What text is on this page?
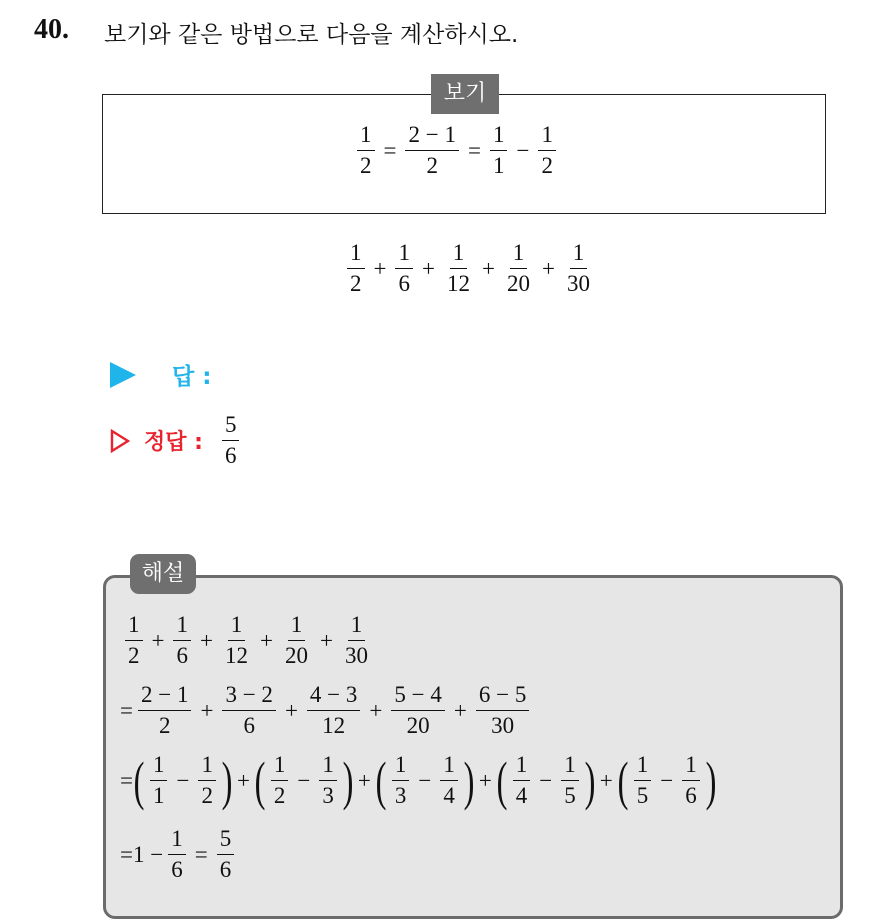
40. 보기와 같은 방법으로 다음을 계산하시오.
보기
$\frac{1}{2} = \frac{2 - 1}{2} = \frac{1}{1} - \frac{1}{2}$
$\frac{1}{2} + \frac{1}{6} + \frac{1}{12} + \frac{1}{20} + \frac{1}{30}$
답 :
정답 : $\frac{5}{6}$
해설
$\frac{1}{2} + \frac{1}{6} + \frac{1}{12} + \frac{1}{20} + \frac{1}{30}$
= $\frac{2 - 1}{2} + \frac{3 - 2}{6} + \frac{4 - 3}{12} + \frac{5 - 4}{20} + \frac{6 - 5}{30}$
= ( $\frac{1}{1} - \frac{1}{2}$ ) + ( $\frac{1}{2} - \frac{1}{3}$ ) + ( $\frac{1}{3} - \frac{1}{4}$ ) + ( $\frac{1}{4} - \frac{1}{5}$ ) + ( $\frac{1}{5} - \frac{1}{6}$ )
$=1 - \frac{1}{6} = \frac{5}{6}$
